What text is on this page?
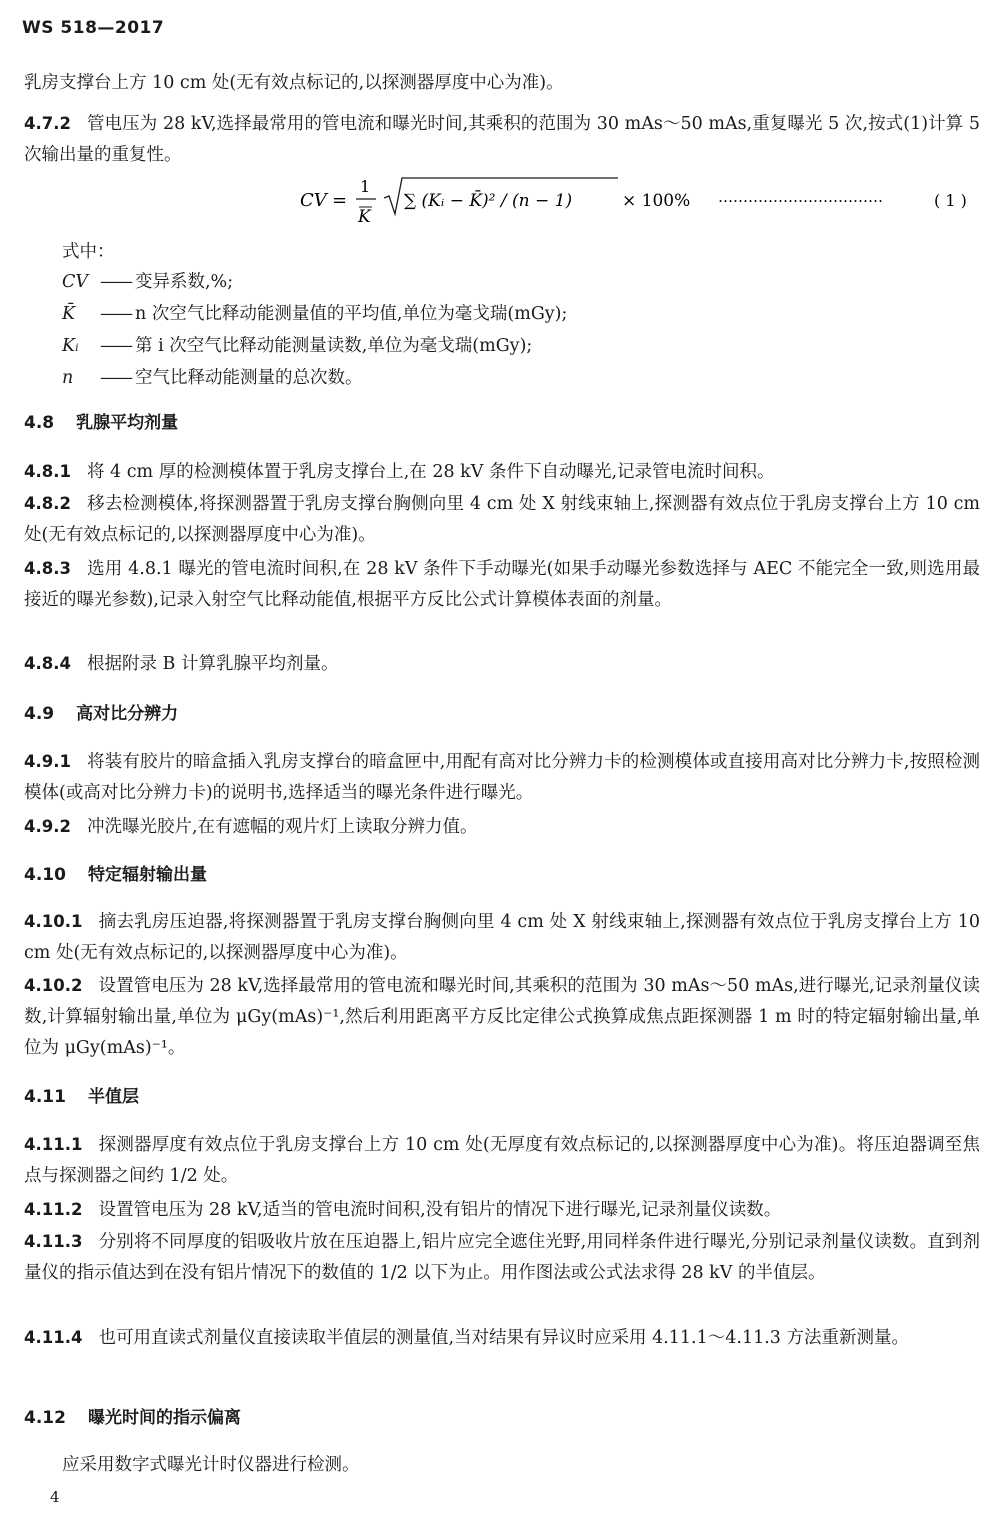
WS 518—2017

乳房支撑台上方 10 cm 处(无有效点标记的,以探测器厚度中心为准)。

4.7.2 管电压为 28 kV,选择最常用的管电流和曝光时间,其乘积的范围为 30 mAs～50 mAs,重复曝光 5 次,按式(1)计算 5 次输出量的重复性。

CV =
1
K
∑ (Kᵢ − K̄)² / (n − 1)	× 100% ……………………………	( 1 )

式中：

CV —— 变异系数,%;

K̄ —— n 次空气比释动能测量值的平均值,单位为毫戈瑞(mGy);

Kᵢ —— 第 i 次空气比释动能测量读数,单位为毫戈瑞(mGy);

n —— 空气比释动能测量的总次数。

4.8 乳腺平均剂量

4.8.1 将 4 cm 厚的检测模体置于乳房支撑台上,在 28 kV 条件下自动曝光,记录管电流时间积。

4.8.2 移去检测模体,将探测器置于乳房支撑台胸侧向里 4 cm 处 X 射线束轴上,探测器有效点位于乳房支撑台上方 10 cm 处(无有效点标记的,以探测器厚度中心为准)。

4.8.3 选用 4.8.1 曝光的管电流时间积,在 28 kV 条件下手动曝光(如果手动曝光参数选择与 AEC 不能完全一致,则选用最接近的曝光参数),记录入射空气比释动能值,根据平方反比公式计算模体表面的剂量。

4.8.4 根据附录 B 计算乳腺平均剂量。

4.9 高对比分辨力

4.9.1 将装有胶片的暗盒插入乳房支撑台的暗盒匣中,用配有高对比分辨力卡的检测模体或直接用高对比分辨力卡,按照检测模体(或高对比分辨力卡)的说明书,选择适当的曝光条件进行曝光。

4.9.2 冲洗曝光胶片,在有遮幅的观片灯上读取分辨力值。

4.10 特定辐射输出量

4.10.1 摘去乳房压迫器,将探测器置于乳房支撑台胸侧向里 4 cm 处 X 射线束轴上,探测器有效点位于乳房支撑台上方 10 cm 处(无有效点标记的,以探测器厚度中心为准)。

4.10.2 设置管电压为 28 kV,选择最常用的管电流和曝光时间,其乘积的范围为 30 mAs～50 mAs,进行曝光,记录剂量仪读数,计算辐射输出量,单位为 μGy(mAs)⁻¹,然后利用距离平方反比定律公式换算成焦点距探测器 1 m 时的特定辐射输出量,单位为 μGy(mAs)⁻¹。

4.11 半值层

4.11.1 探测器厚度有效点位于乳房支撑台上方 10 cm 处(无厚度有效点标记的,以探测器厚度中心为准)。将压迫器调至焦点与探测器之间约 1/2 处。

4.11.2 设置管电压为 28 kV,适当的管电流时间积,没有铝片的情况下进行曝光,记录剂量仪读数。

4.11.3 分别将不同厚度的铝吸收片放在压迫器上,铝片应完全遮住光野,用同样条件进行曝光,分别记录剂量仪读数。直到剂量仪的指示值达到在没有铝片情况下的数值的 1/2 以下为止。用作图法或公式法求得 28 kV 的半值层。

4.11.4 也可用直读式剂量仪直接读取半值层的测量值,当对结果有异议时应采用 4.11.1～4.11.3 方法重新测量。

4.12 曝光时间的指示偏离

应采用数字式曝光计时仪器进行检测。

4
